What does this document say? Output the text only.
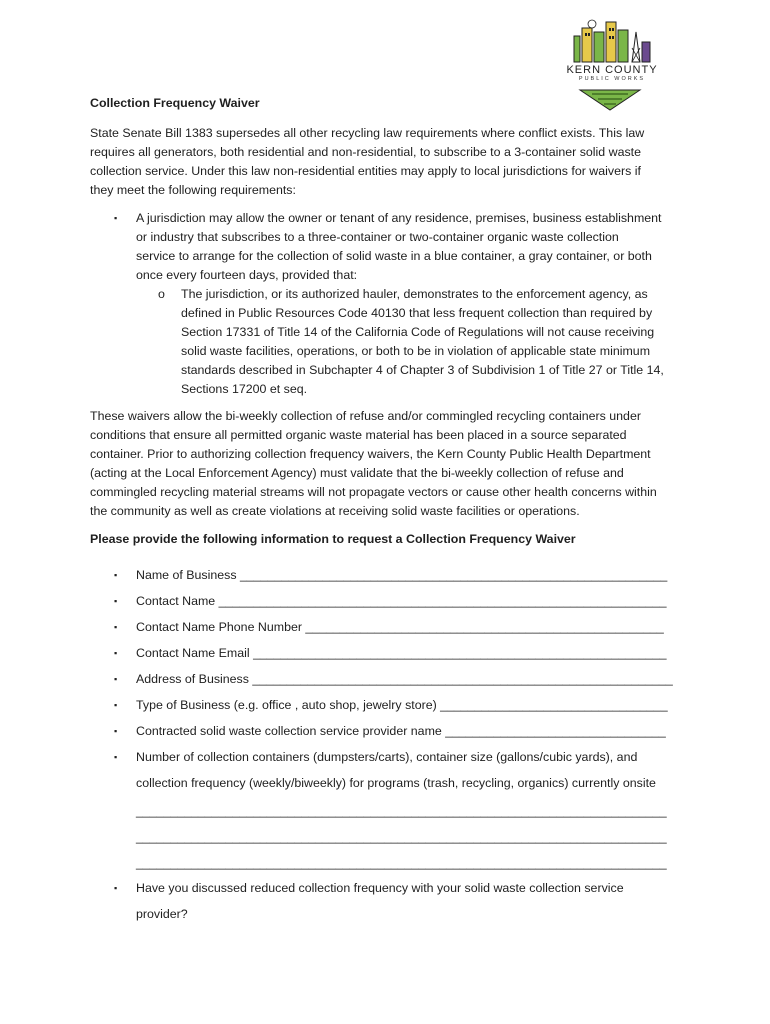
KERN COUNTY
PUBLIC WORKS
Collection Frequency Waiver
State Senate Bill 1383 supersedes all other recycling law requirements where conflict exists. This law
requires all generators, both residential and non-residential, to subscribe to a 3-container solid waste
collection service. Under this law non-residential entities may apply to local jurisdictions for waivers if
they meet the following requirements:
▪ A jurisdiction may allow the owner or tenant of any residence, premises, business establishment
or industry that subscribes to a three-container or two-container organic waste collection
service to arrange for the collection of solid waste in a blue container, a gray container, or both
once every fourteen days, provided that:
o The jurisdiction, or its authorized hauler, demonstrates to the enforcement agency, as
defined in Public Resources Code 40130 that less frequent collection than required by
Section 17331 of Title 14 of the California Code of Regulations will not cause receiving
solid waste facilities, operations, or both to be in violation of applicable state minimum
standards described in Subchapter 4 of Chapter 3 of Subdivision 1 of Title 27 or Title 14,
Sections 17200 et seq.
These waivers allow the bi-weekly collection of refuse and/or commingled recycling containers under
conditions that ensure all permitted organic waste material has been placed in a source separated
container. Prior to authorizing collection frequency waivers, the Kern County Public Health Department
(acting at the Local Enforcement Agency) must validate that the bi-weekly collection of refuse and
commingled recycling material streams will not propagate vectors or cause other health concerns within
the community as well as create violations at receiving solid waste facilities or operations.
Please provide the following information to request a Collection Frequency Waiver
▪ Name of Business ______________________________________________________________
▪ Contact Name _________________________________________________________________
▪ Contact Name Phone Number ____________________________________________________
▪ Contact Name Email ____________________________________________________________
▪ Address of Business _____________________________________________________________
▪ Type of Business (e.g. office , auto shop, jewelry store) _________________________________
▪ Contracted solid waste collection service provider name ________________________________
▪ Number of collection containers (dumpsters/carts), container size (gallons/cubic yards), and
collection frequency (weekly/biweekly) for programs (trash, recycling, organics) currently onsite
_____________________________________________________________________________
_____________________________________________________________________________
_____________________________________________________________________________
▪ Have you discussed reduced collection frequency with your solid waste collection service
provider?
